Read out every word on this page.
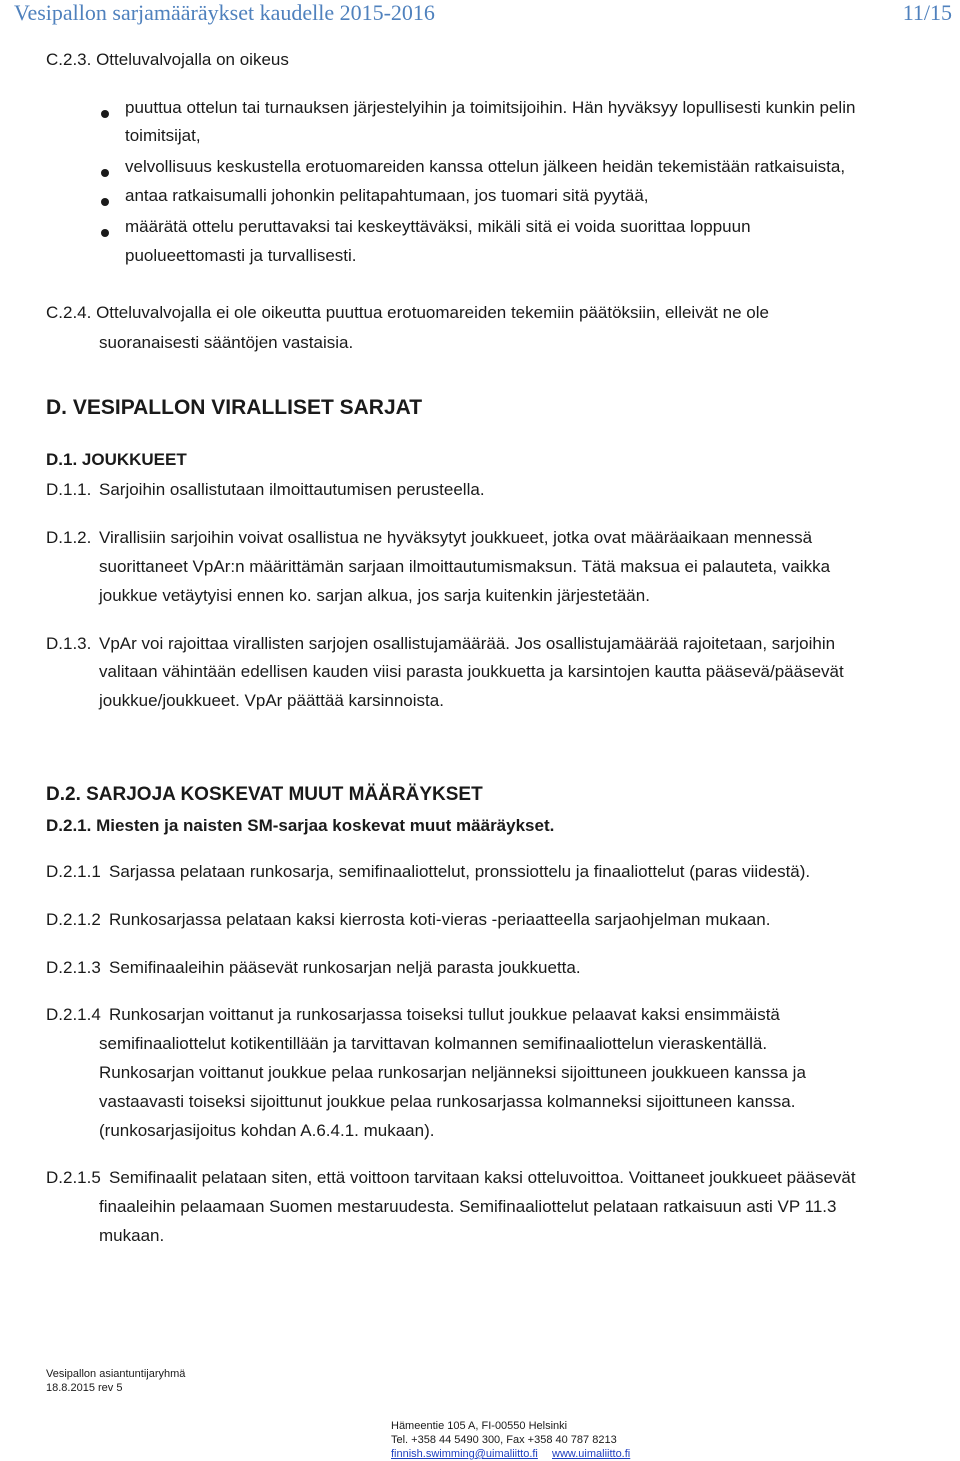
Vesipallon sarjamääräykset kaudelle 2015-2016	11/15
C.2.3. Otteluvalvojalla on oikeus
puuttua ottelun tai turnauksen järjestelyihin ja toimitsijoihin. Hän hyväksyy lopullisesti kunkin pelin
toimitsijat,
velvollisuus keskustella erotuomareiden kanssa ottelun jälkeen heidän tekemistään ratkaisuista,
antaa ratkaisumalli johonkin pelitapahtumaan, jos tuomari sitä pyytää,
määrätä ottelu peruttavaksi tai keskeyttäväksi, mikäli sitä ei voida suorittaa loppuun
puolueettomasti ja turvallisesti.
C.2.4. Otteluvalvojalla ei ole oikeutta puuttua erotuomareiden tekemiin päätöksiin, elleivät ne ole
suoranaisesti sääntöjen vastaisia.
D. VESIPALLON VIRALLISET SARJAT
D.1. JOUKKUEET
D.1.1. Sarjoihin osallistutaan ilmoittautumisen perusteella.
D.1.2. Virallisiin sarjoihin voivat osallistua ne hyväksytyt joukkueet, jotka ovat määräaikaan mennessä
suorittaneet VpAr:n määrittämän sarjaan ilmoittautumismaksun. Tätä maksua ei palauteta, vaikka
joukkue vetäytyisi ennen ko. sarjan alkua, jos sarja kuitenkin järjestetään.
D.1.3. VpAr voi rajoittaa virallisten sarjojen osallistujamäärää. Jos osallistujamäärää rajoitetaan, sarjoihin
valitaan vähintään edellisen kauden viisi parasta joukkuetta ja karsintojen kautta pääsevä/pääsevät
joukkue/joukkueet. VpAr päättää karsinnoista.
D.2. SARJOJA KOSKEVAT MUUT MÄÄRÄYKSET
D.2.1. Miesten ja naisten SM-sarjaa koskevat muut määräykset.
D.2.1.1 Sarjassa pelataan runkosarja, semifinaaliottelut, pronssiottelu ja finaaliottelut (paras viidestä).
D.2.1.2 Runkosarjassa pelataan kaksi kierrosta koti-vieras -periaatteella sarjaohjelman mukaan.
D.2.1.3 Semifinaaleihin pääsevät runkosarjan neljä parasta joukkuetta.
D.2.1.4 Runkosarjan voittanut ja runkosarjassa toiseksi tullut joukkue pelaavat kaksi ensimmäistä
semifinaaliottelut kotikentillään ja tarvittavan kolmannen semifinaaliottelun vieraskentällä.
Runkosarjan voittanut joukkue pelaa runkosarjan neljänneksi sijoittuneen joukkueen kanssa ja
vastaavasti toiseksi sijoittunut joukkue pelaa runkosarjassa kolmanneksi sijoittuneen kanssa.
(runkosarjasijoitus kohdan A.6.4.1. mukaan).
D.2.1.5 Semifinaalit pelataan siten, että voittoon tarvitaan kaksi otteluvoittoa. Voittaneet joukkueet pääsevät
finaaleihin pelaamaan Suomen mestaruudesta. Semifinaaliottelut pelataan ratkaisuun asti VP 11.3
mukaan.
Vesipallon asiantuntijaryhmä
18.8.2015 rev 5
Hämeentie 105 A, FI-00550 Helsinki
Tel. +358 44 5490 300, Fax +358 40 787 8213
finnish.swimming@uimaliitto.fi www.uimaliitto.fi
